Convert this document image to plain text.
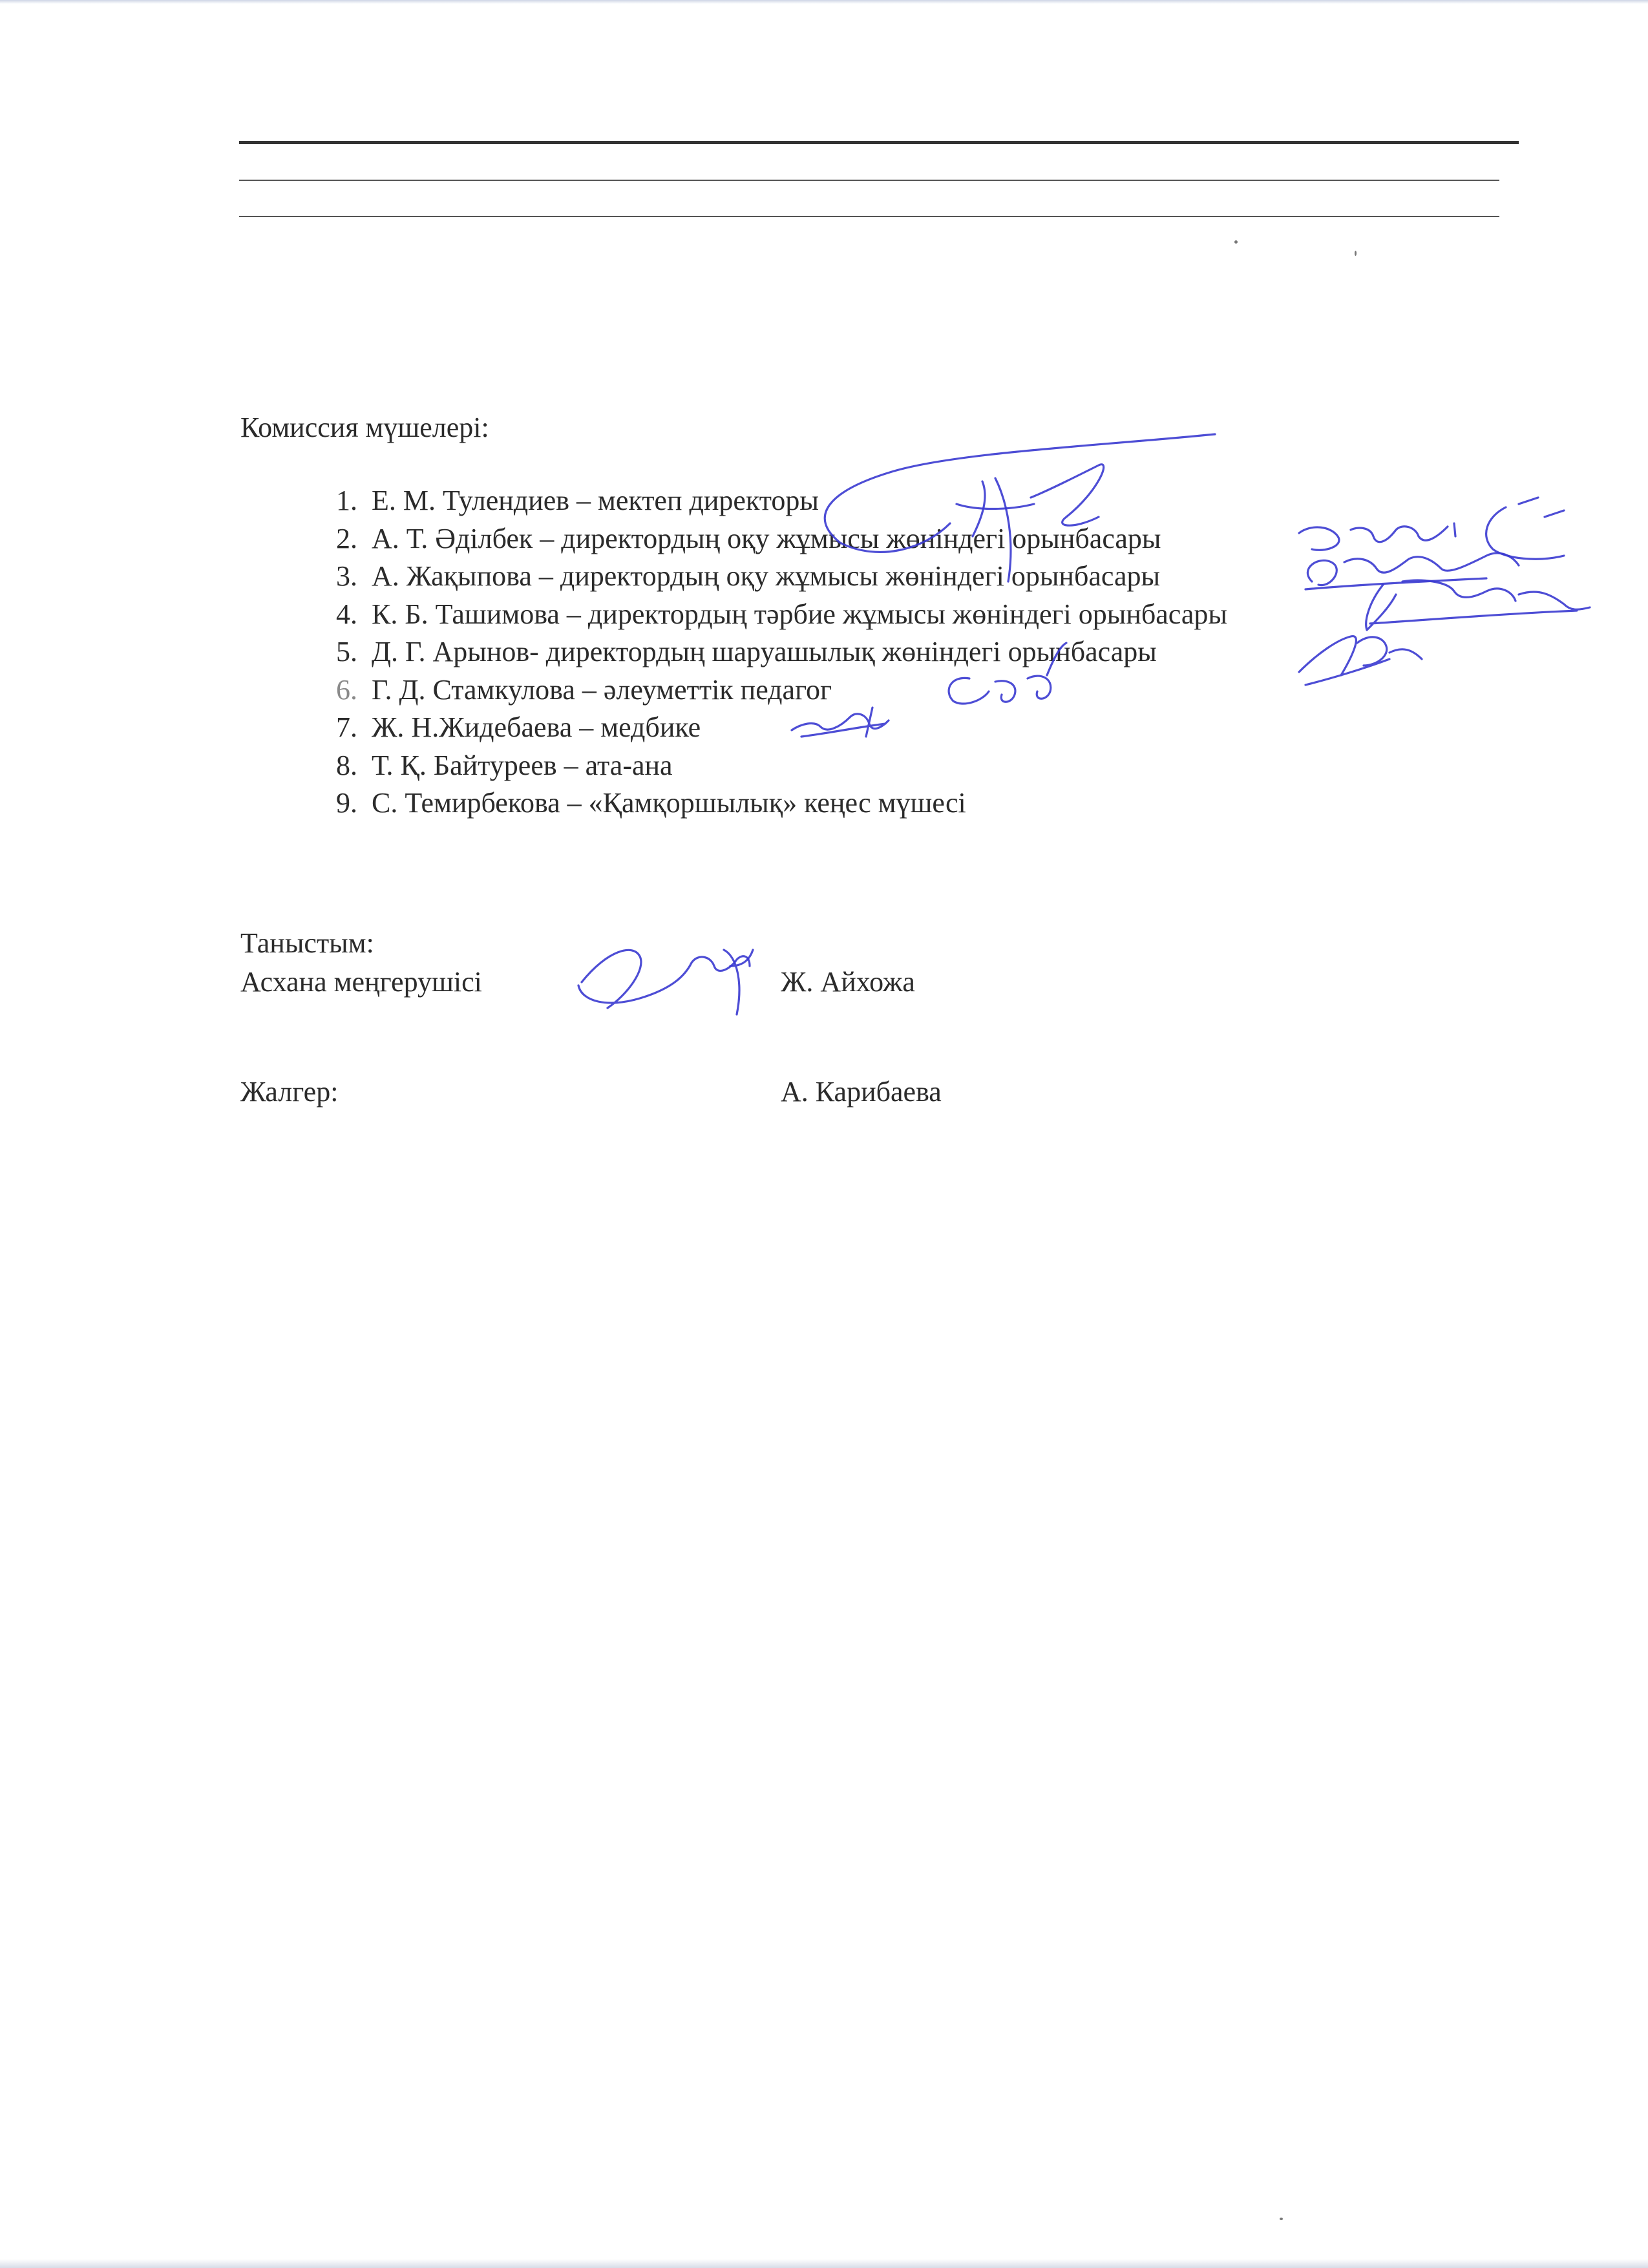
Комиссия мүшелері:
1. Е. М. Тулендиев – мектеп директоры
2. А. Т. Әділбек – директордың оқу жұмысы жөніндегі орынбасары
3. А. Жақыпова – директордың оқу жұмысы жөніндегі орынбасары
4. К. Б. Ташимова – директордың тәрбие жұмысы жөніндегі орынбасары
5. Д. Г. Арынов- директордың шаруашылық жөніндегі орынбасары
6. Г. Д. Стамкулова – әлеуметтік педагог
7. Ж. Н.Жидебаева – медбике
8. Т. Қ. Байтуреев – ата-ана
9. С. Темирбекова – «Қамқоршылық» кеңес мүшесі
Таныстым:
Асхана меңгерушісі	Ж. Айхожа
Жалгер:	А. Карибаева
